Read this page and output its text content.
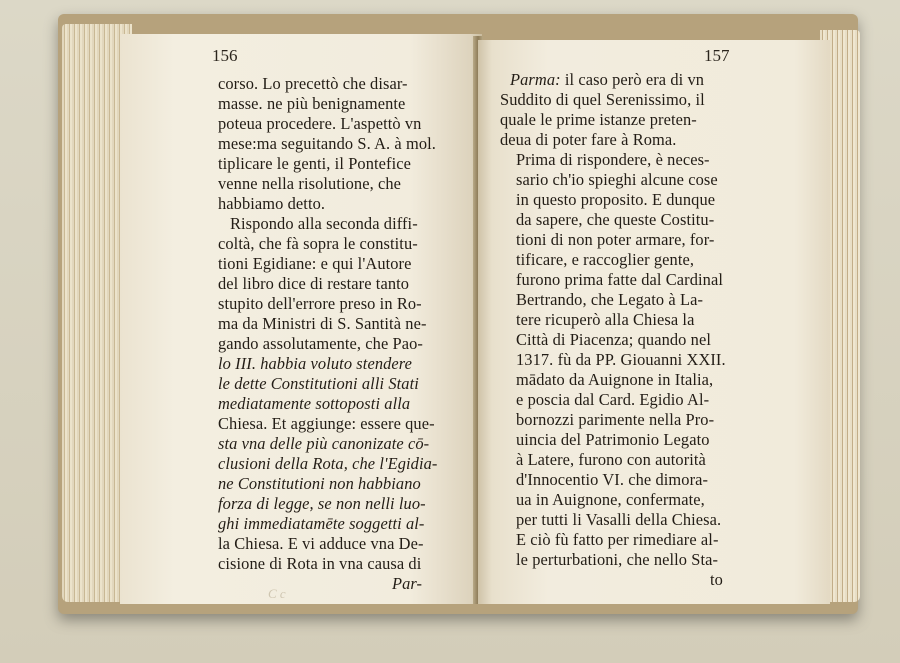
156
corso. Lo precettò che disar-
masse. ne più benignamente
poteua procedere. L'aspettò vn
mese:ma seguitando S. A. à mol.
tiplicare le genti, il Pontefice
venne nella risolutione, che
habbiamo detto.
Rispondo alla seconda diffi-
coltà, che fà sopra le constitu-
tioni Egidiane: e qui l'Autore
del libro dice di restare tanto
stupito dell'errore preso in Ro-
ma da Ministri di S. Santità ne-
gando assolutamente, che Pao-
lo III. habbia voluto stendere
le dette Constitutioni alli Stati
mediatamente sottoposti alla
Chiesa. Et aggiunge: essere que-
sta vna delle più canonizate cō-
clusioni della Rota, che l'Egidia-
ne Constitutioni non habbiano
forza di legge, se non nelli luo-
ghi immediatamēte soggetti al-
la Chiesa. E vi adduce vna De-
cisione di Rota in vna causa di
Par-
C c
157
Parma: il caso però era di vn
Suddito di quel Serenissimo, il
quale le prime istanze preten-
deua di poter fare à Roma.
Prima di rispondere, è neces-
sario ch'io spieghi alcune cose
in questo proposito. E dunque
da sapere, che queste Costitu-
tioni di non poter armare, for-
tificare, e raccoglier gente,
furono prima fatte dal Cardinal
Bertrando, che Legato à La-
tere ricuperò alla Chiesa la
Città di Piacenza; quando nel
1317. fù da PP. Giouanni XXII.
mādato da Auignone in Italia,
e poscia dal Card. Egidio Al-
bornozzi parimente nella Pro-
uincia del Patrimonio Legato
à Latere, furono con autorità
d'Innocentio VI. che dimora-
ua in Auignone, confermate,
per tutti li Vasalli della Chiesa.
E ciò fù fatto per rimediare al-
le perturbationi, che nello Sta-
to
